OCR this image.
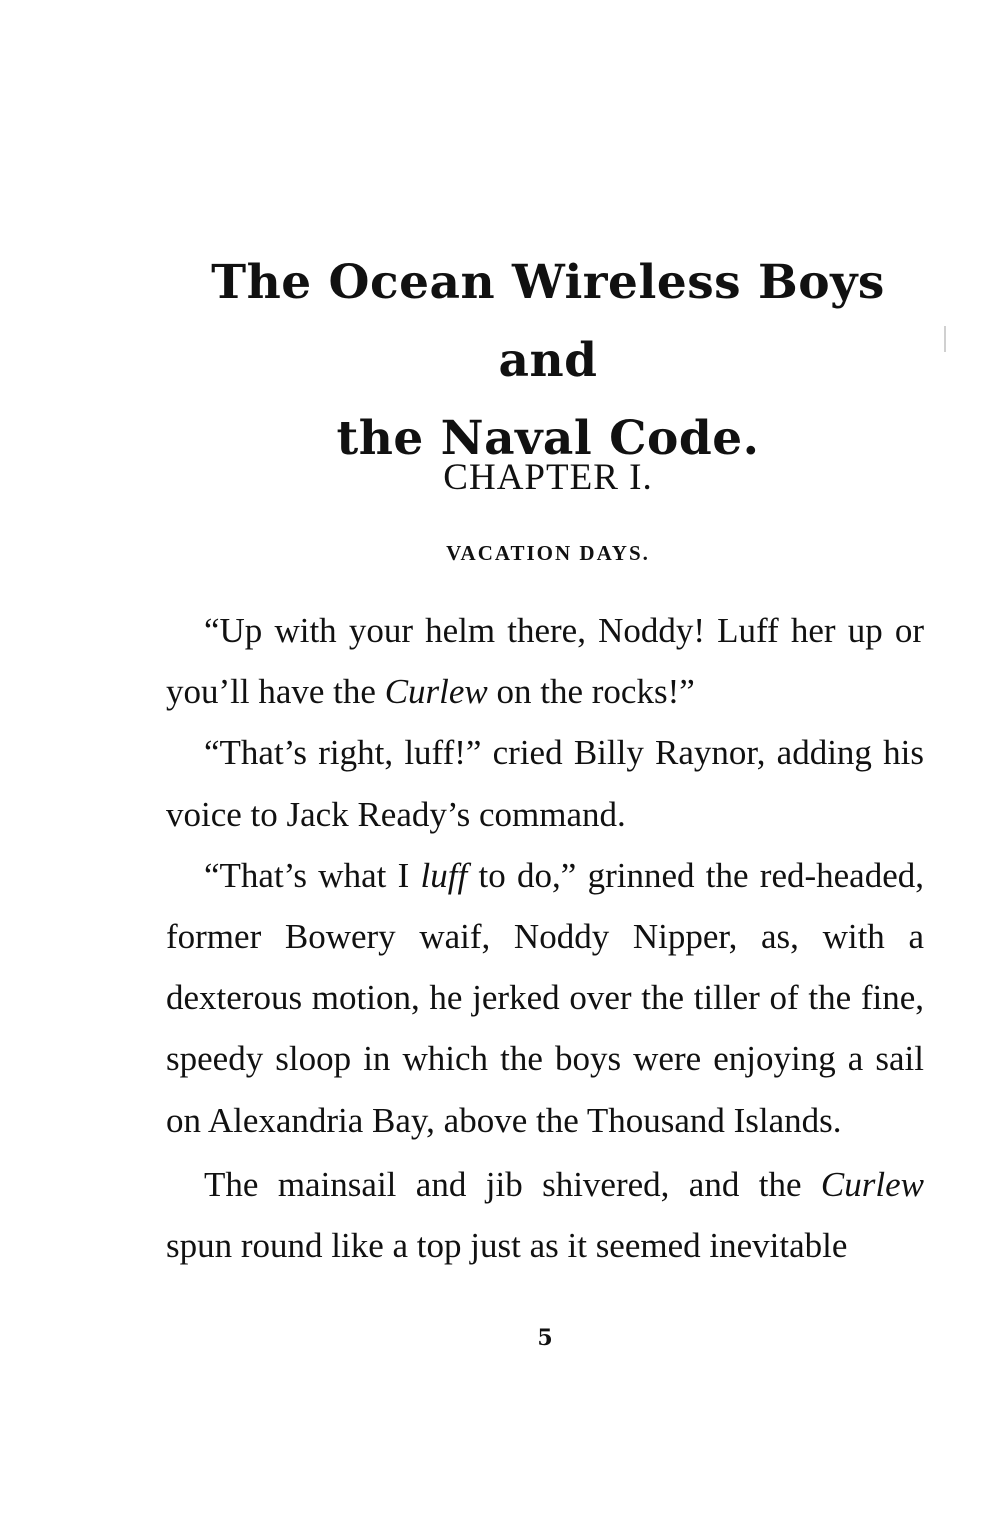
The Ocean Wireless Boys and
the Naval Code.
CHAPTER I.
VACATION DAYS.

“Up with your helm there, Noddy! Luff her up or you’ll have the Curlew on the rocks!”

“That’s right, luff!” cried Billy Raynor, adding his voice to Jack Ready’s command.

“That’s what I luff to do,” grinned the red-headed, former Bowery waif, Noddy Nipper, as, with a dexterous motion, he jerked over the tiller of the fine, speedy sloop in which the boys were enjoying a sail on Alexandria Bay, above the Thousand Islands.

The mainsail and jib shivered, and the Curlew spun round like a top just as it seemed inevitable

5
